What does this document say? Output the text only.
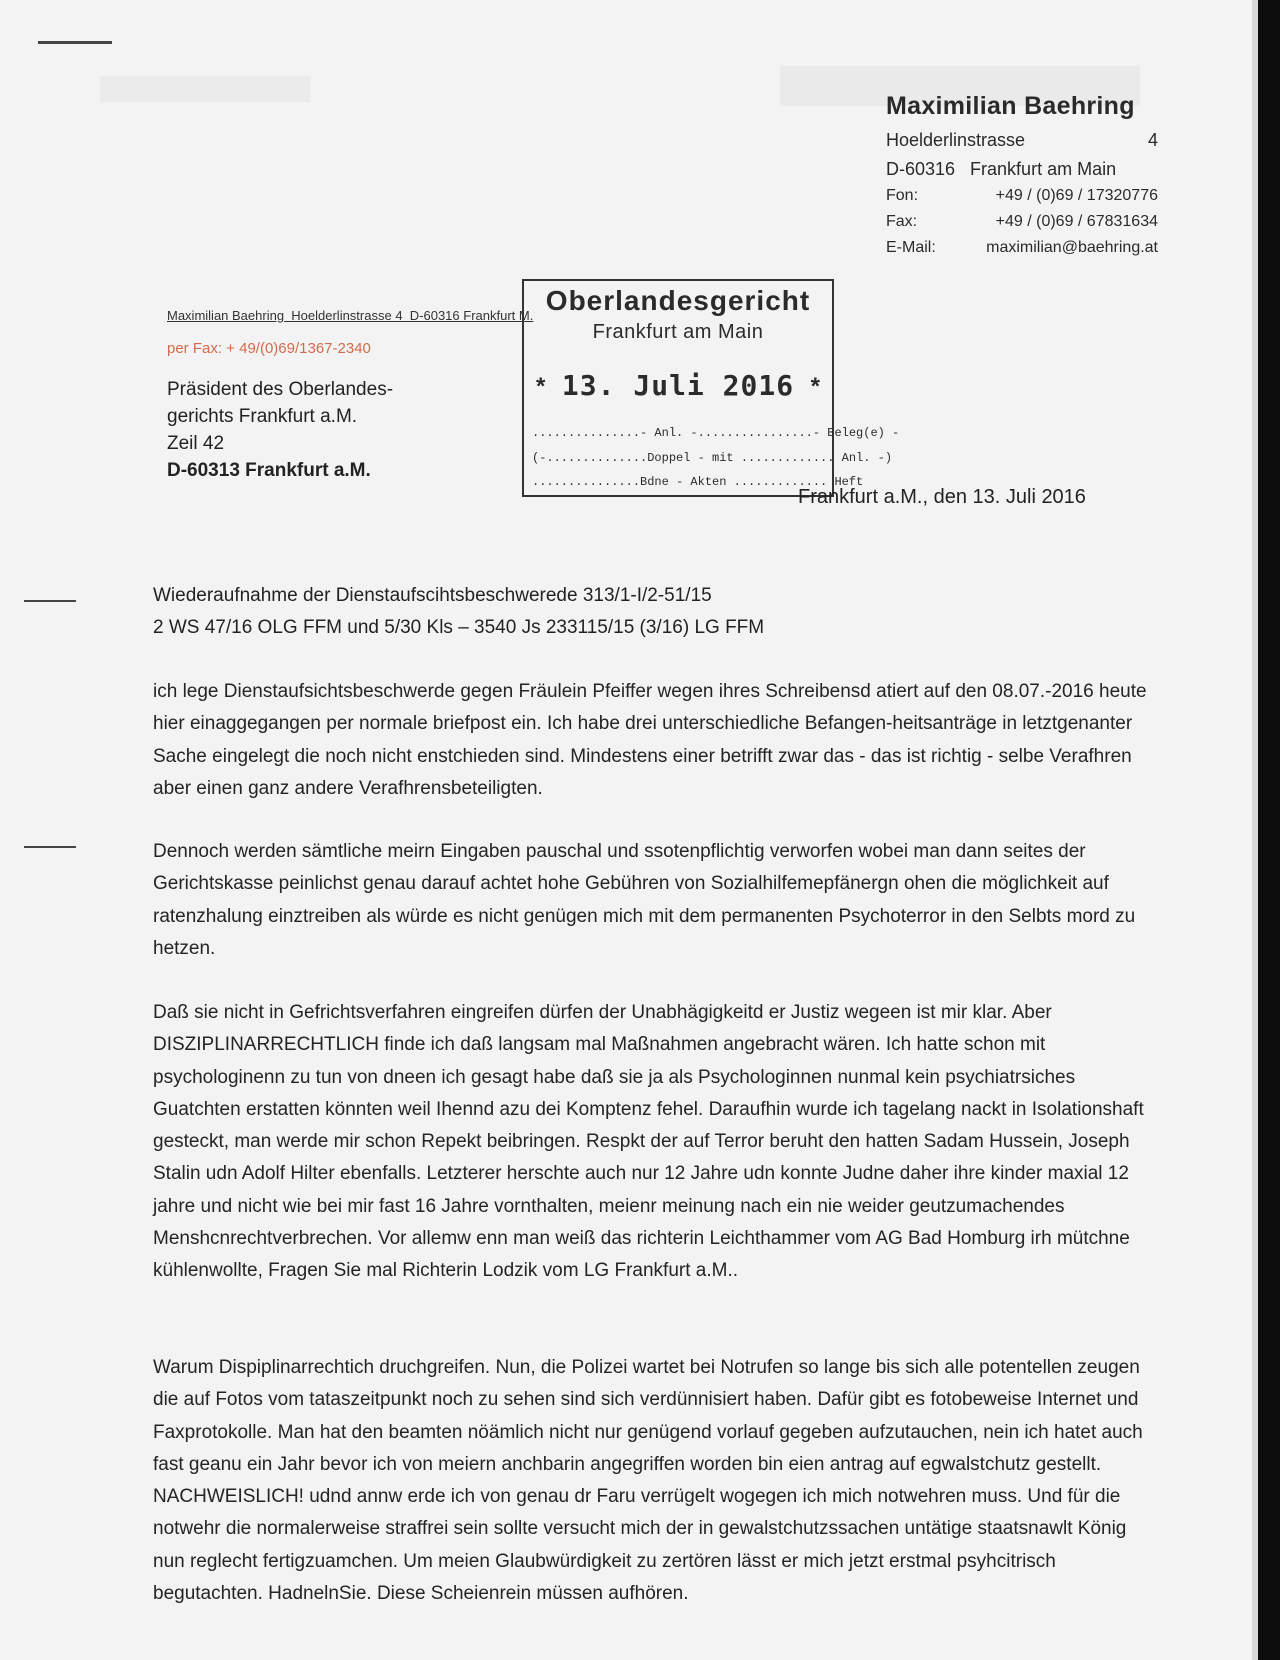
Maximilian Baehring
Hoelderlinstrasse	4
D-60316   Frankfurt am Main
Fon:	+49 / (0)69 / 17320776
Fax:	+49 / (0)69 / 67831634
E-Mail:	maximilian@baehring.at
Maximilian Baehring  Hoelderlinstrasse 4  D-60316 Frankfurt M.
per Fax: + 49/(0)69/1367-2340
Präsident des Oberlandes-
gerichts Frankfurt a.M.
Zeil 42
D-60313 Frankfurt a.M.
Oberlandesgericht
Frankfurt am Main
* 13. Juli 2016 *
...............- Anl. -................- Beleg(e) -
(-..............Doppel - mit ............. Anl. -)
...............Bdne - Akten ............. Heft
Frankfurt a.M., den 13. Juli 2016
Wiederaufnahme der Dienstaufscihtsbeschwerede 313/1-I/2-51/15
2 WS 47/16 OLG FFM und 5/30 Kls – 3540 Js 233115/15 (3/16) LG FFM
ich lege Dienstaufsichtsbeschwerde gegen Fräulein Pfeiffer wegen ihres Schreibensd atiert auf den 08.07.-2016 heute hier einaggegangen per normale briefpost ein. Ich habe drei unterschiedliche Befangen-heitsanträge in letztgenanter Sache eingelegt die noch nicht enstchieden sind. Mindestens einer betrifft zwar das - das ist richtig - selbe Verafhren aber einen ganz andere Verafhrensbeteiligten.
Dennoch werden sämtliche meirn Eingaben pauschal und ssotenpflichtig verworfen wobei man dann seites der Gerichtskasse peinlichst genau darauf achtet hohe Gebühren von Sozialhilfemepfänergn ohen die möglichkeit auf ratenzhalung einztreiben als würde es nicht genügen mich mit dem permanenten Psychoterror in den Selbts mord zu hetzen.
Daß sie nicht in Gefrichtsverfahren eingreifen dürfen der Unabhägigkeitd er Justiz wegeen ist mir klar. Aber DISZIPLINARRECHTLICH finde ich daß langsam mal Maßnahmen angebracht wären. Ich hatte schon mit psychologinenn zu tun von dneen ich gesagt habe daß sie ja als Psychologinnen nunmal kein psychiatrsiches Guatchten erstatten könnten weil Ihennd azu dei Komptenz fehel. Daraufhin wurde ich tagelang nackt in Isolationshaft gesteckt, man werde mir schon Repekt beibringen. Respkt der auf Terror beruht den hatten Sadam Hussein, Joseph Stalin udn Adolf Hilter ebenfalls. Letzterer herschte auch nur 12 Jahre udn konnte Judne daher ihre kinder maxial 12 jahre und nicht wie bei mir fast 16 Jahre vornthalten, meienr meinung nach ein nie weider geutzumachendes Menshcnrechtverbrechen. Vor allemw enn man weiß das richterin Leichthammer vom AG Bad Homburg irh mütchne kühlenwollte, Fragen Sie mal Richterin Lodzik vom LG Frankfurt a.M..
Warum Dispiplinarrechtich druchgreifen. Nun, die Polizei wartet bei Notrufen so lange bis sich alle potentellen zeugen die auf Fotos vom tataszeitpunkt noch zu sehen sind sich verdünnisiert haben. Dafür gibt es fotobeweise Internet und Faxprotokolle. Man hat den beamten nöämlich nicht nur genügend vorlauf gegeben aufzutauchen, nein ich hatet auch fast geanu ein Jahr bevor ich von meiern anchbarin angegriffen worden bin eien antrag auf egwalstchutz gestellt. NACHWEISLICH! udnd annw erde ich von genau dr Faru verrügelt wogegen ich mich notwehren muss. Und für die notwehr die normalerweise straffrei sein sollte versucht mich der in gewalstchutzssachen untätige staatsnawlt König nun reglecht fertigzuamchen. Um meien Glaubwürdigkeit zu zertören lässt er mich jetzt erstmal psyhcitrisch begutachten. HadnelnSie. Diese Scheienrein müssen aufhören.
